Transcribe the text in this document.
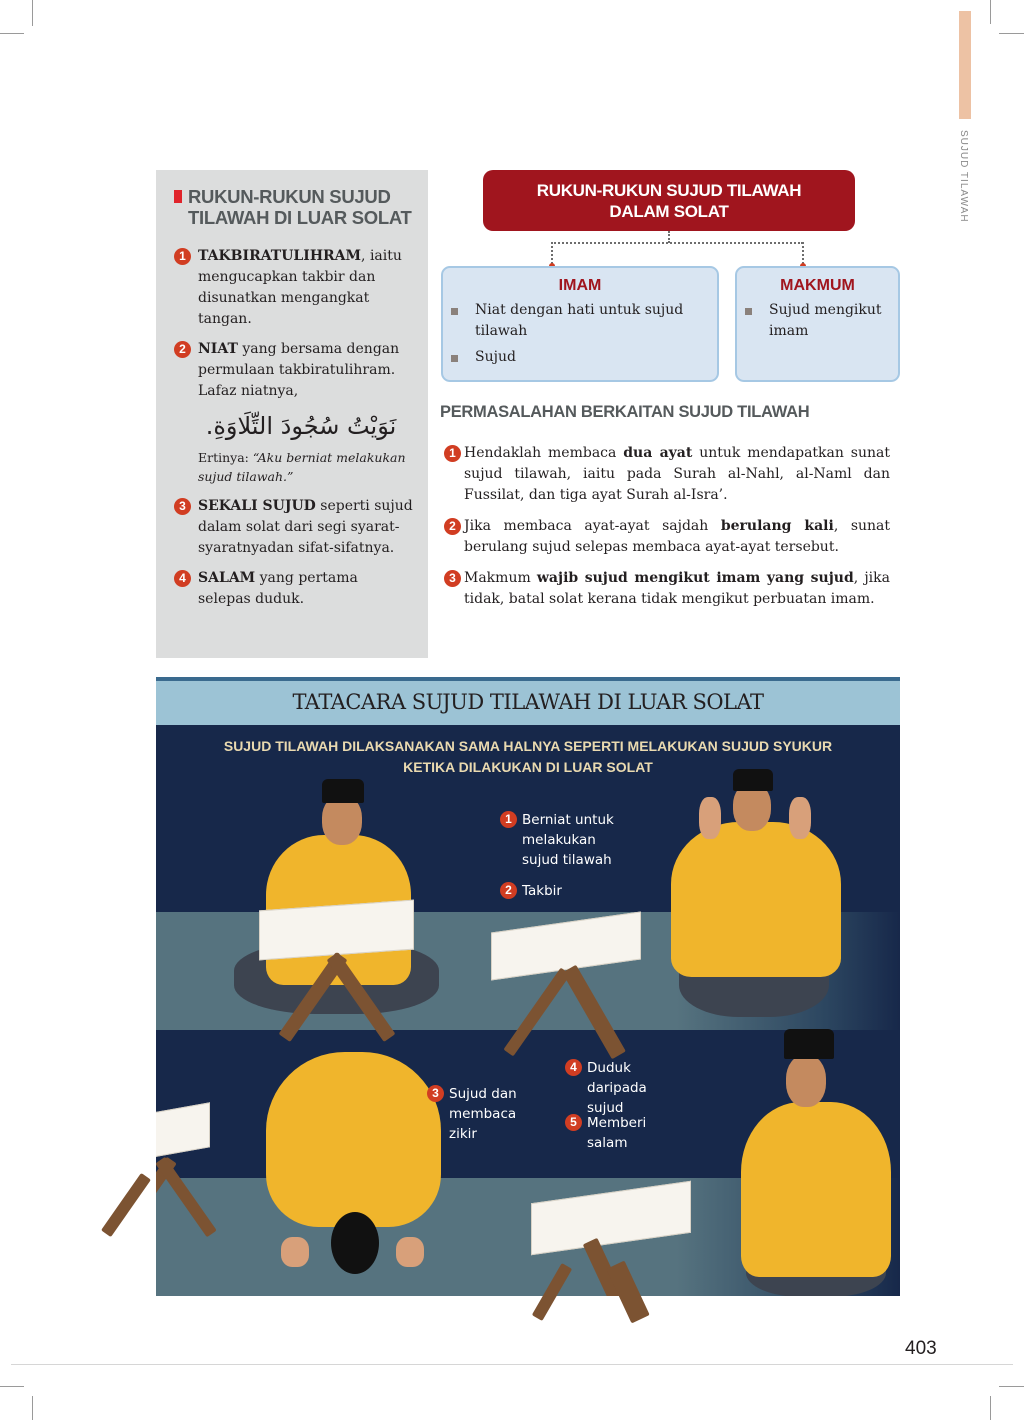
SUJUD TILAWAH
RUKUN-RUKUN SUJUD TILAWAH DI LUAR SOLAT
1 TAKBIRATULIHRAM, iaitu mengucapkan takbir dan disunatkan mengangkat tangan.
2 NIAT yang bersama dengan permulaan takbiratulihram. Lafaz niatnya,
نَوَيْتُ سُجُودَ التِّلَاوَةِ.
Ertinya: “Aku berniat melakukan sujud tilawah.”
3 SEKALI SUJUD seperti sujud dalam solat dari segi syarat-syaratnyadan sifat-sifatnya.
4 SALAM yang pertama selepas duduk.
RUKUN-RUKUN SUJUD TILAWAH
DALAM SOLAT
IMAM
Niat dengan hati untuk sujud tilawah
Sujud
MAKMUM
Sujud mengikut imam
PERMASALAHAN BERKAITAN SUJUD TILAWAH
1 Hendaklah membaca dua ayat untuk mendapatkan sunat sujud tilawah, iaitu pada Surah al-Nahl, al-Naml dan Fussilat, dan tiga ayat Surah al-Isra’.
2 Jika membaca ayat-ayat sajdah berulang kali, sunat berulang sujud selepas membaca ayat-ayat tersebut.
3 Makmum wajib sujud mengikut imam yang sujud, jika tidak, batal solat kerana tidak mengikut perbuatan imam.
TATACARA SUJUD TILAWAH DI LUAR SOLAT
SUJUD TILAWAH DILAKSANAKAN SAMA HALNYA SEPERTI MELAKUKAN SUJUD SYUKUR
KETIKA DILAKUKAN DI LUAR SOLAT
1 Berniat untuk melakukan sujud tilawah
2 Takbir
3 Sujud dan membaca zikir
4 Duduk daripada sujud
5 Memberi salam
403
